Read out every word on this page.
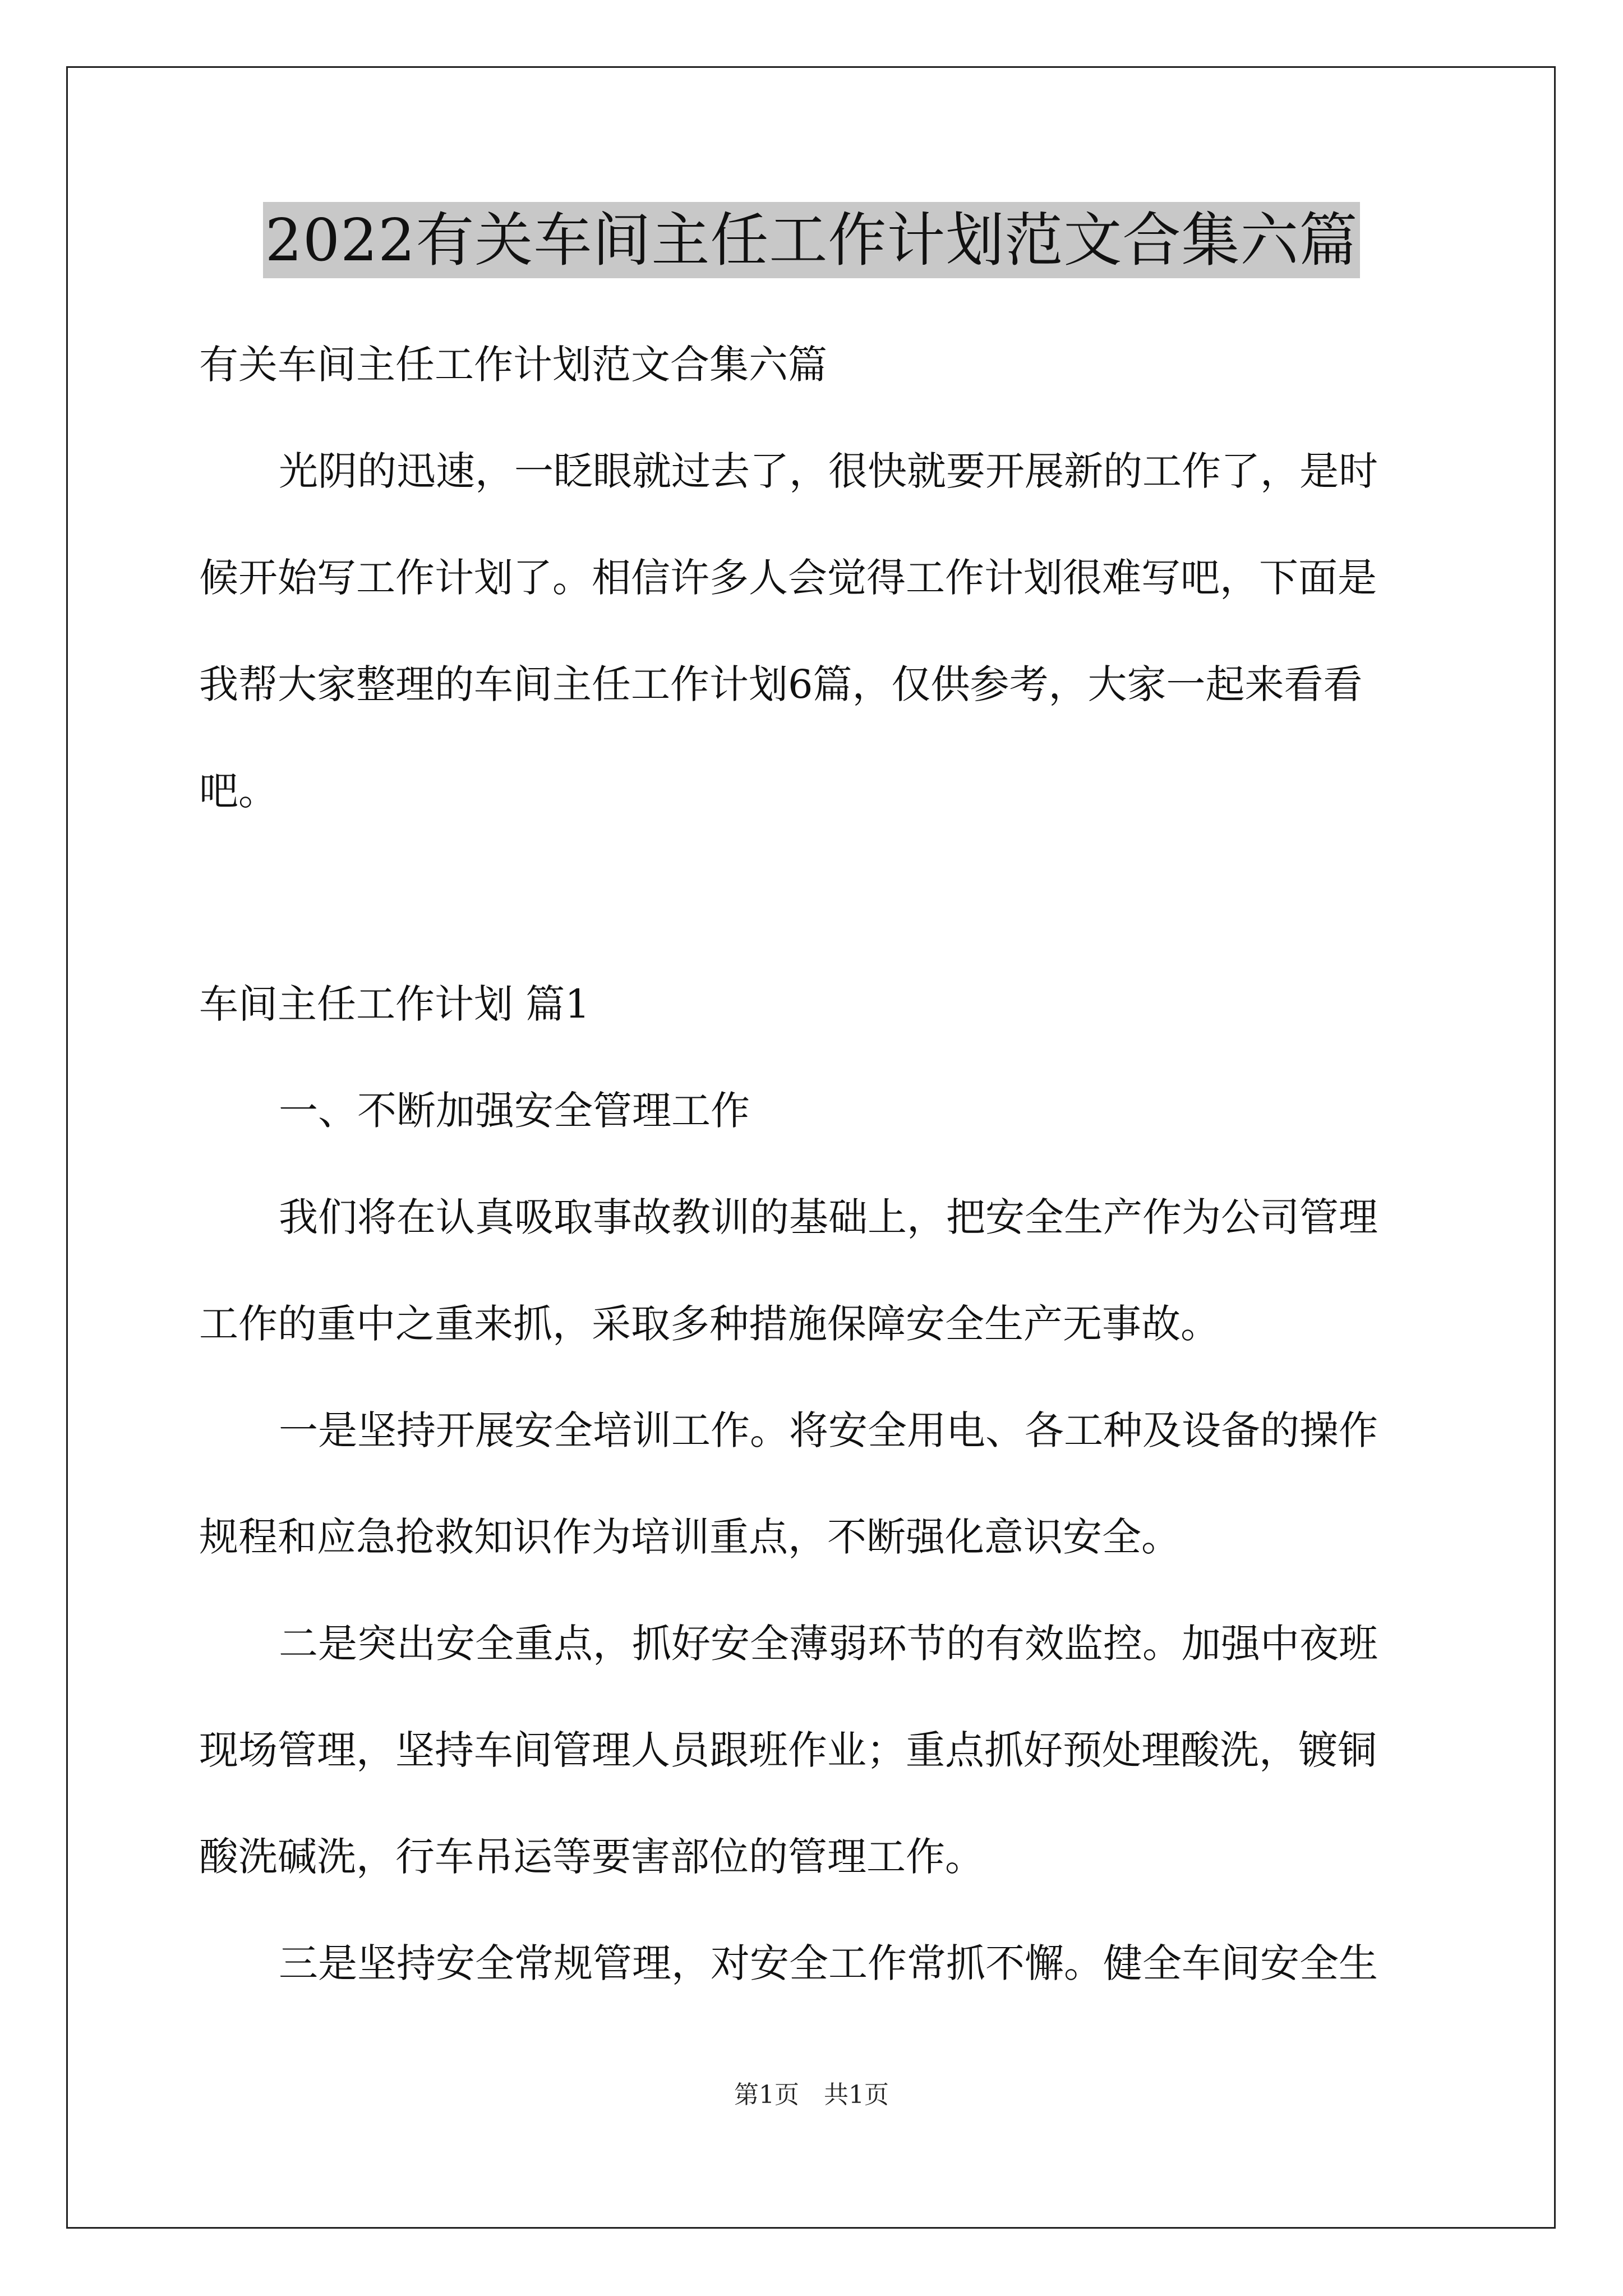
2022有关车间主任工作计划范文合集六篇
有关车间主任工作计划范文合集六篇
光阴的迅速，一眨眼就过去了，很快就要开展新的工作了，是时
候开始写工作计划了。相信许多人会觉得工作计划很难写吧，下面是
我帮大家整理的车间主任工作计划6篇，仅供参考，大家一起来看看
吧。
车间主任工作计划 篇1
一、不断加强安全管理工作
我们将在认真吸取事故教训的基础上，把安全生产作为公司管理
工作的重中之重来抓，采取多种措施保障安全生产无事故。
一是坚持开展安全培训工作。将安全用电、各工种及设备的操作
规程和应急抢救知识作为培训重点，不断强化意识安全。
二是突出安全重点，抓好安全薄弱环节的有效监控。加强中夜班
现场管理，坚持车间管理人员跟班作业；重点抓好预处理酸洗，镀铜
酸洗碱洗，行车吊运等要害部位的管理工作。
三是坚持安全常规管理，对安全工作常抓不懈。健全车间安全生
第1页　共1页
